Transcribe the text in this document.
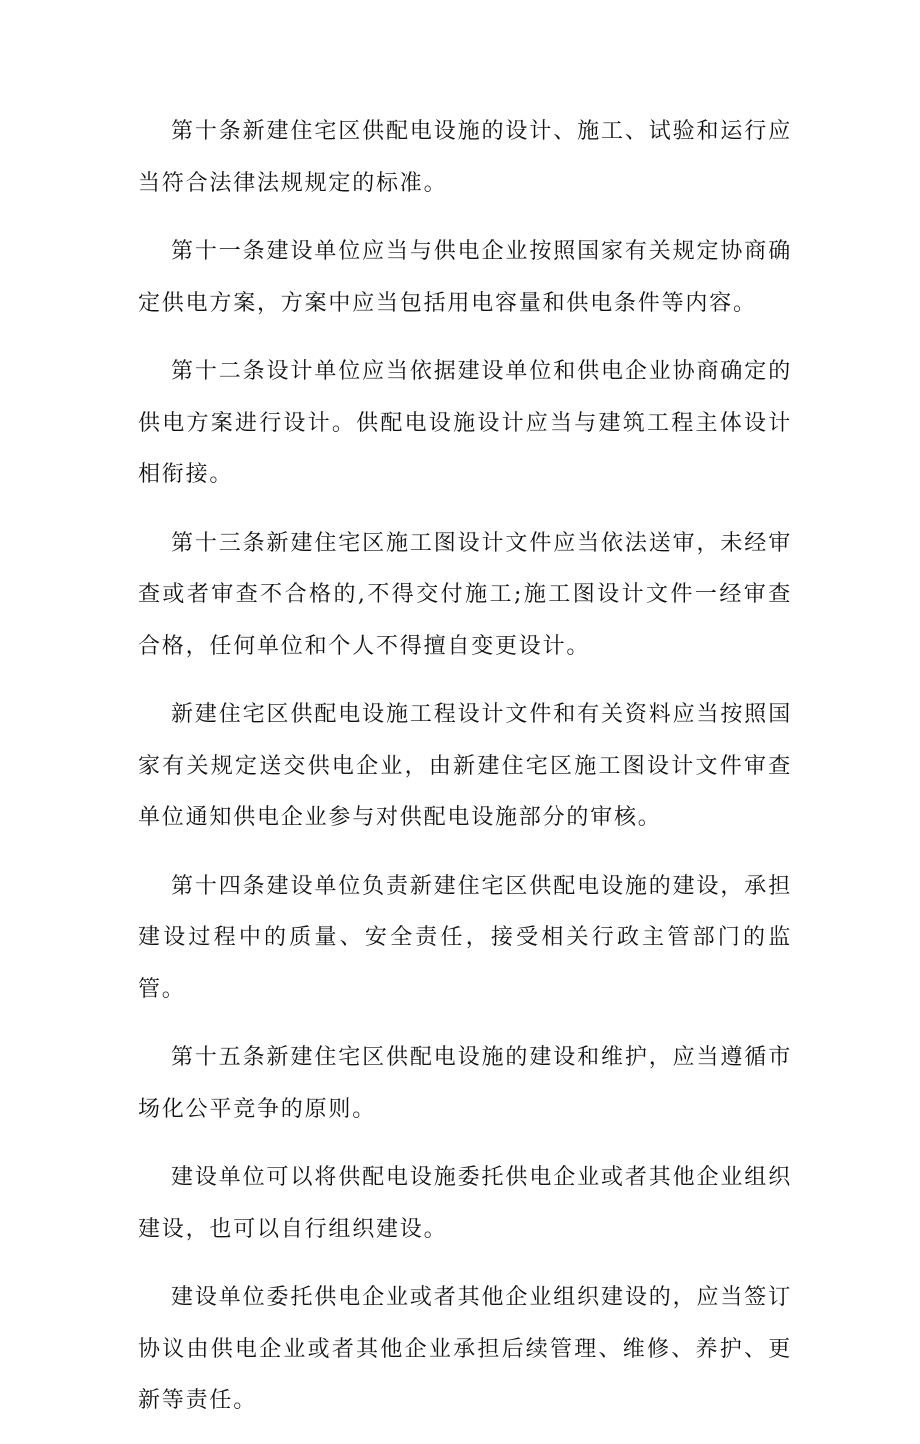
第十条新建住宅区供配电设施的设计、施工、试验和运行应当符合法律法规规定的标准。

第十一条建设单位应当与供电企业按照国家有关规定协商确定供电方案，方案中应当包括用电容量和供电条件等内容。

第十二条设计单位应当依据建设单位和供电企业协商确定的供电方案进行设计。供配电设施设计应当与建筑工程主体设计相衔接。

第十三条新建住宅区施工图设计文件应当依法送审，未经审查或者审查不合格的,不得交付施工;施工图设计文件一经审查合格，任何单位和个人不得擅自变更设计。

新建住宅区供配电设施工程设计文件和有关资料应当按照国家有关规定送交供电企业，由新建住宅区施工图设计文件审查单位通知供电企业参与对供配电设施部分的审核。

第十四条建设单位负责新建住宅区供配电设施的建设，承担建设过程中的质量、安全责任，接受相关行政主管部门的监管。

第十五条新建住宅区供配电设施的建设和维护，应当遵循市场化公平竞争的原则。

建设单位可以将供配电设施委托供电企业或者其他企业组织建设，也可以自行组织建设。

建设单位委托供电企业或者其他企业组织建设的，应当签订协议由供电企业或者其他企业承担后续管理、维修、养护、更新等责任。
